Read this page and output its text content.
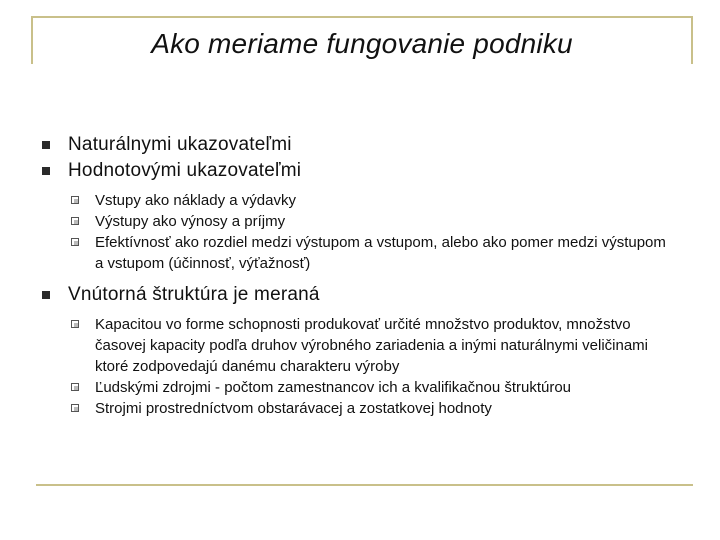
Ako meriame fungovanie podniku
Naturálnymi ukazovateľmi
Hodnotovými ukazovateľmi
Vstupy ako náklady a výdavky
Výstupy ako výnosy a príjmy
Efektívnosť ako rozdiel medzi výstupom a vstupom, alebo ako pomer medzi výstupom a vstupom (účinnosť, výťažnosť)
Vnútorná štruktúra je meraná
Kapacitou vo forme schopnosti produkovať určité množstvo produktov, množstvo časovej kapacity podľa druhov výrobného zariadenia a inými naturálnymi veličinami ktoré zodpovedajú danému charakteru výroby
Ľudskými zdrojmi - počtom zamestnancov ich a kvalifikačnou štruktúrou
Strojmi prostredníctvom obstarávacej a zostatkovej hodnoty
